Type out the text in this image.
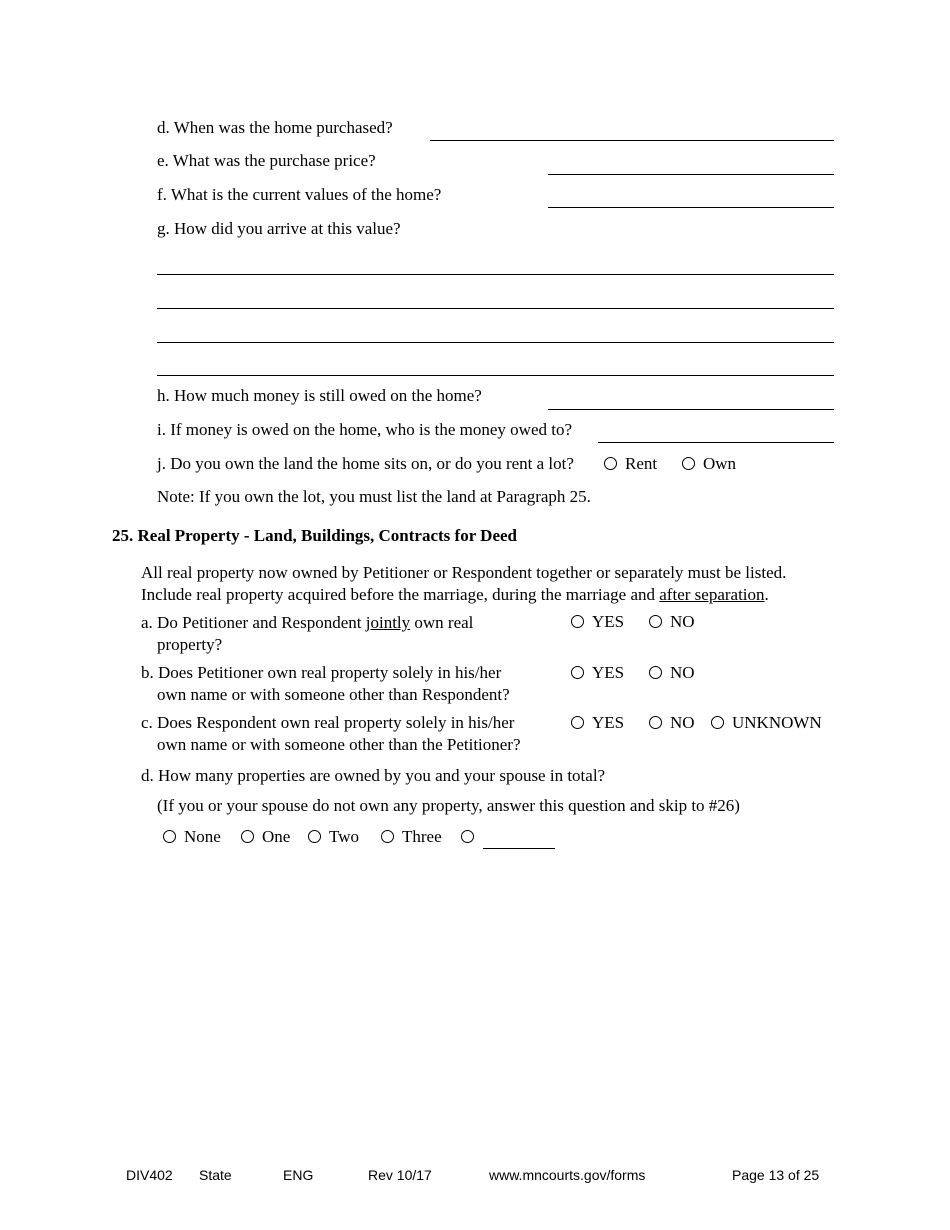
d. When was the home purchased?
e. What was the purchase price?
f. What is the current values of the home?
g. How did you arrive at this value?
h. How much money is still owed on the home?
i. If money is owed on the home, who is the money owed to?
j. Do you own the land the home sits on, or do you rent a lot?	Rent	Own
Note: If you own the lot, you must list the land at Paragraph 25.
25. Real Property - Land, Buildings, Contracts for Deed
All real property now owned by Petitioner or Respondent together or separately must be listed.
Include real property acquired before the marriage, during the marriage and after separation.
a. Do Petitioner and Respondent jointly own real
property?
YES	NO
b. Does Petitioner own real property solely in his/her
own name or with someone other than Respondent?
YES	NO
c. Does Respondent own real property solely in his/her
own name or with someone other than the Petitioner?
YES	NO	UNKNOWN
d. How many properties are owned by you and your spouse in total?
(If you or your spouse do not own any property, answer this question and skip to #26)
None	One	Two	Three
DIV402 State	ENG	Rev 10/17	www.mncourts.gov/forms	Page 13 of 25
